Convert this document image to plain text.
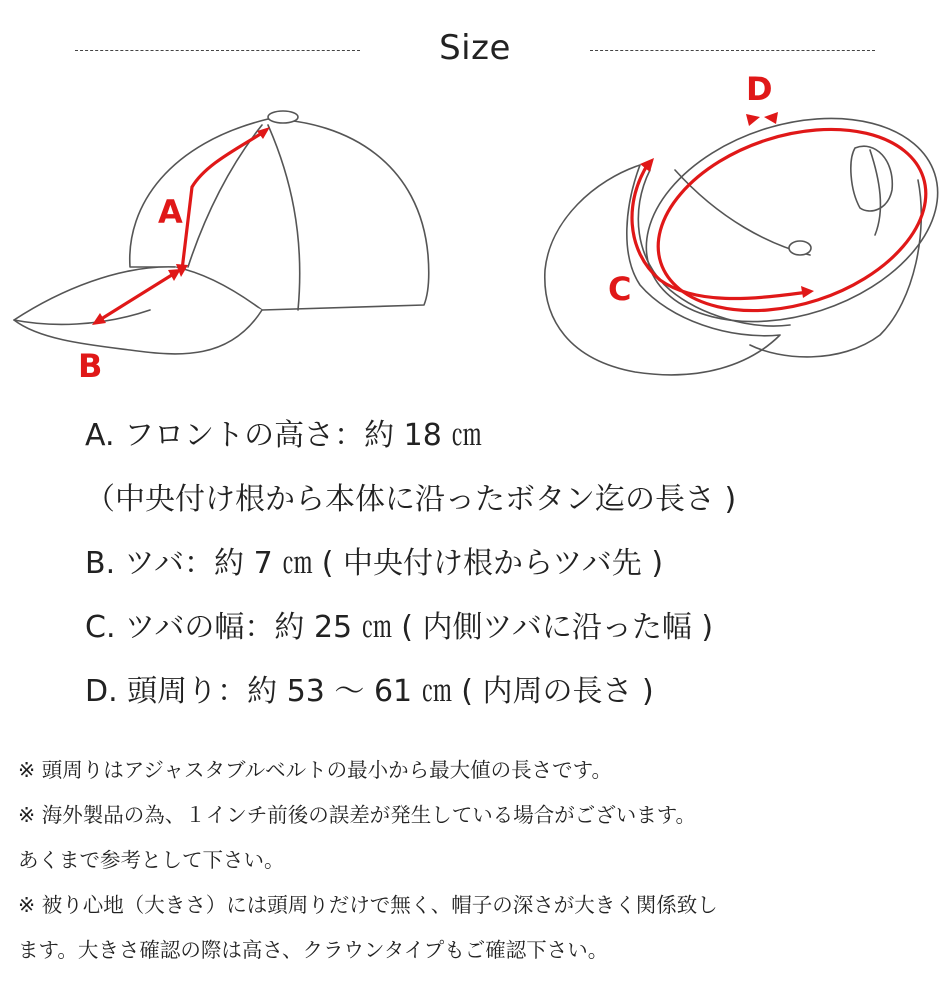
Size
A
B
D
C
A. フロントの高さ：約 18 ㎝
（中央付け根から本体に沿ったボタン迄の長さ )
B. ツバ：約 7 ㎝ ( 中央付け根からツバ先 )
C. ツバの幅：約 25 ㎝ ( 内側ツバに沿った幅 )
D. 頭周り：約 53 ～ 61 ㎝ ( 内周の長さ )
※ 頭周りはアジャスタブルベルトの最小から最大値の長さです。
※ 海外製品の為、１インチ前後の誤差が発生している場合がございます。
あくまで参考として下さい。
※ 被り心地（大きさ）には頭周りだけで無く、帽子の深さが大きく関係致し
ます。大きさ確認の際は高さ、クラウンタイプもご確認下さい。
